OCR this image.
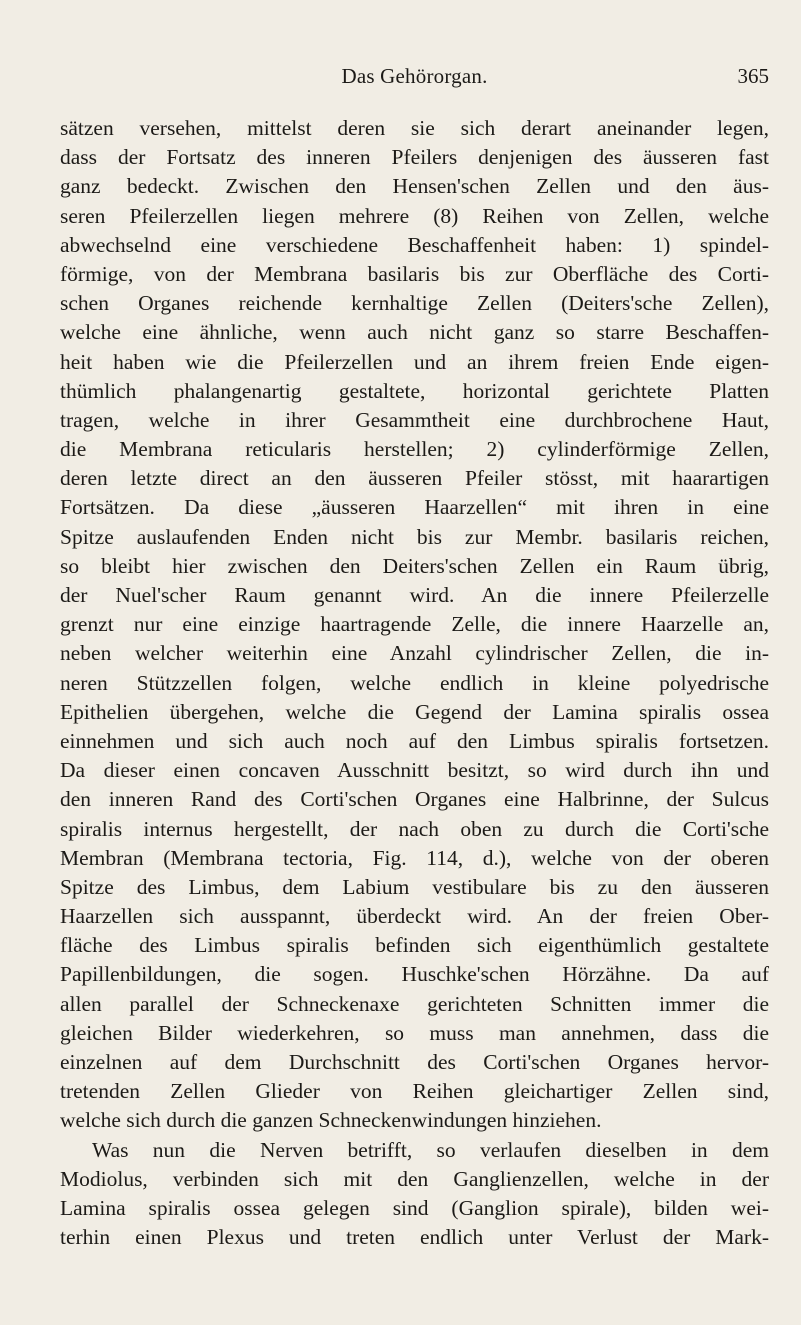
Das Gehörorgan.	365
sätzen versehen, mittelst deren sie sich derart aneinander legen,
dass der Fortsatz des inneren Pfeilers denjenigen des äusseren fast
ganz bedeckt. Zwischen den Hensen'schen Zellen und den äus-
seren Pfeilerzellen liegen mehrere (8) Reihen von Zellen, welche
abwechselnd eine verschiedene Beschaffenheit haben: 1) spindel-
förmige, von der Membrana basilaris bis zur Oberfläche des Corti-
schen Organes reichende kernhaltige Zellen (Deiters'sche Zellen),
welche eine ähnliche, wenn auch nicht ganz so starre Beschaffen-
heit haben wie die Pfeilerzellen und an ihrem freien Ende eigen-
thümlich phalangenartig gestaltete, horizontal gerichtete Platten
tragen, welche in ihrer Gesammtheit eine durchbrochene Haut,
die Membrana reticularis herstellen; 2) cylinderförmige Zellen,
deren letzte direct an den äusseren Pfeiler stösst, mit haarartigen
Fortsätzen. Da diese „äusseren Haarzellen“ mit ihren in eine
Spitze auslaufenden Enden nicht bis zur Membr. basilaris reichen,
so bleibt hier zwischen den Deiters'schen Zellen ein Raum übrig,
der Nuel'scher Raum genannt wird. An die innere Pfeilerzelle
grenzt nur eine einzige haartragende Zelle, die innere Haarzelle an,
neben welcher weiterhin eine Anzahl cylindrischer Zellen, die in-
neren Stützzellen folgen, welche endlich in kleine polyedrische
Epithelien übergehen, welche die Gegend der Lamina spiralis ossea
einnehmen und sich auch noch auf den Limbus spiralis fortsetzen.
Da dieser einen concaven Ausschnitt besitzt, so wird durch ihn und
den inneren Rand des Corti'schen Organes eine Halbrinne, der Sulcus
spiralis internus hergestellt, der nach oben zu durch die Corti'sche
Membran (Membrana tectoria, Fig. 114, d.), welche von der oberen
Spitze des Limbus, dem Labium vestibulare bis zu den äusseren
Haarzellen sich ausspannt, überdeckt wird. An der freien Ober-
fläche des Limbus spiralis befinden sich eigenthümlich gestaltete
Papillenbildungen, die sogen. Huschke'schen Hörzähne. Da auf
allen parallel der Schneckenaxe gerichteten Schnitten immer die
gleichen Bilder wiederkehren, so muss man annehmen, dass die
einzelnen auf dem Durchschnitt des Corti'schen Organes hervor-
tretenden Zellen Glieder von Reihen gleichartiger Zellen sind,
welche sich durch die ganzen Schneckenwindungen hinziehen.
Was nun die Nerven betrifft, so verlaufen dieselben in dem
Modiolus, verbinden sich mit den Ganglienzellen, welche in der
Lamina spiralis ossea gelegen sind (Ganglion spirale), bilden wei-
terhin einen Plexus und treten endlich unter Verlust der Mark-
